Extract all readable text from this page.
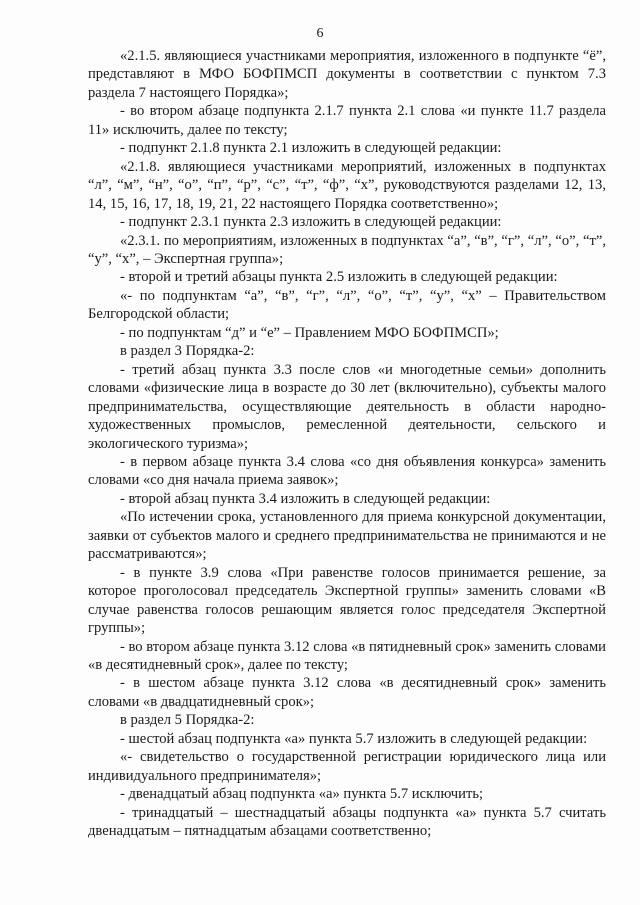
6

«2.1.5. являющиеся участниками мероприятия, изложенного в подпункте “ё”, представляют в МФО БОФПМСП документы в соответствии с пунктом 7.3 раздела 7 настоящего Порядка»;

- во втором абзаце подпункта 2.1.7 пункта 2.1 слова «и пункте 11.7 раздела 11» исключить, далее по тексту;

- подпункт 2.1.8 пункта 2.1 изложить в следующей редакции:

«2.1.8. являющиеся участниками мероприятий, изложенных в подпунктах “л”, “м”, “н”, “о”, “п”, “р”, “с”, “т”, “ф”, “х”, руководствуются разделами 12, 13, 14, 15, 16, 17, 18, 19, 21, 22 настоящего Порядка соответственно»;

- подпункт 2.3.1 пункта 2.3 изложить в следующей редакции:

«2.3.1. по мероприятиям, изложенных в подпунктах “а”, “в”, “г”, “л”, “о”, “т”, “у”, “х”, – Экспертная группа»;

- второй и третий абзацы пункта 2.5 изложить в следующей редакции:

«- по подпунктам “а”, “в”, “г”, “л”, “о”, “т”, “у”, “х” – Правительством Белгородской области;

- по подпунктам “д” и “е” – Правлением МФО БОФПМСП»;

в раздел 3 Порядка-2:

- третий абзац пункта 3.3 после слов «и многодетные семьи» дополнить словами «физические лица в возрасте до 30 лет (включительно), субъекты малого предпринимательства, осуществляющие деятельность в области народно-художественных промыслов, ремесленной деятельности, сельского и экологического туризма»;

- в первом абзаце пункта 3.4 слова «со дня объявления конкурса» заменить словами «со дня начала приема заявок»;

- второй абзац пункта 3.4 изложить в следующей редакции:

«По истечении срока, установленного для приема конкурсной документации, заявки от субъектов малого и среднего предпринимательства не принимаются и не рассматриваются»;

- в пункте 3.9 слова «При равенстве голосов принимается решение, за которое проголосовал председатель Экспертной группы» заменить словами «В случае равенства голосов решающим является голос председателя Экспертной группы»;

- во втором абзаце пункта 3.12 слова «в пятидневный срок» заменить словами «в десятидневный срок», далее по тексту;

- в шестом абзаце пункта 3.12 слова «в десятидневный срок» заменить словами «в двадцатидневный срок»;

в раздел 5 Порядка-2:

- шестой абзац подпункта «а» пункта 5.7 изложить в следующей редакции:

«- свидетельство о государственной регистрации юридического лица или индивидуального предпринимателя»;

- двенадцатый абзац подпункта «а» пункта 5.7 исключить;

- тринадцатый – шестнадцатый абзацы подпункта «а» пункта 5.7 считать двенадцатым – пятнадцатым абзацами соответственно;
